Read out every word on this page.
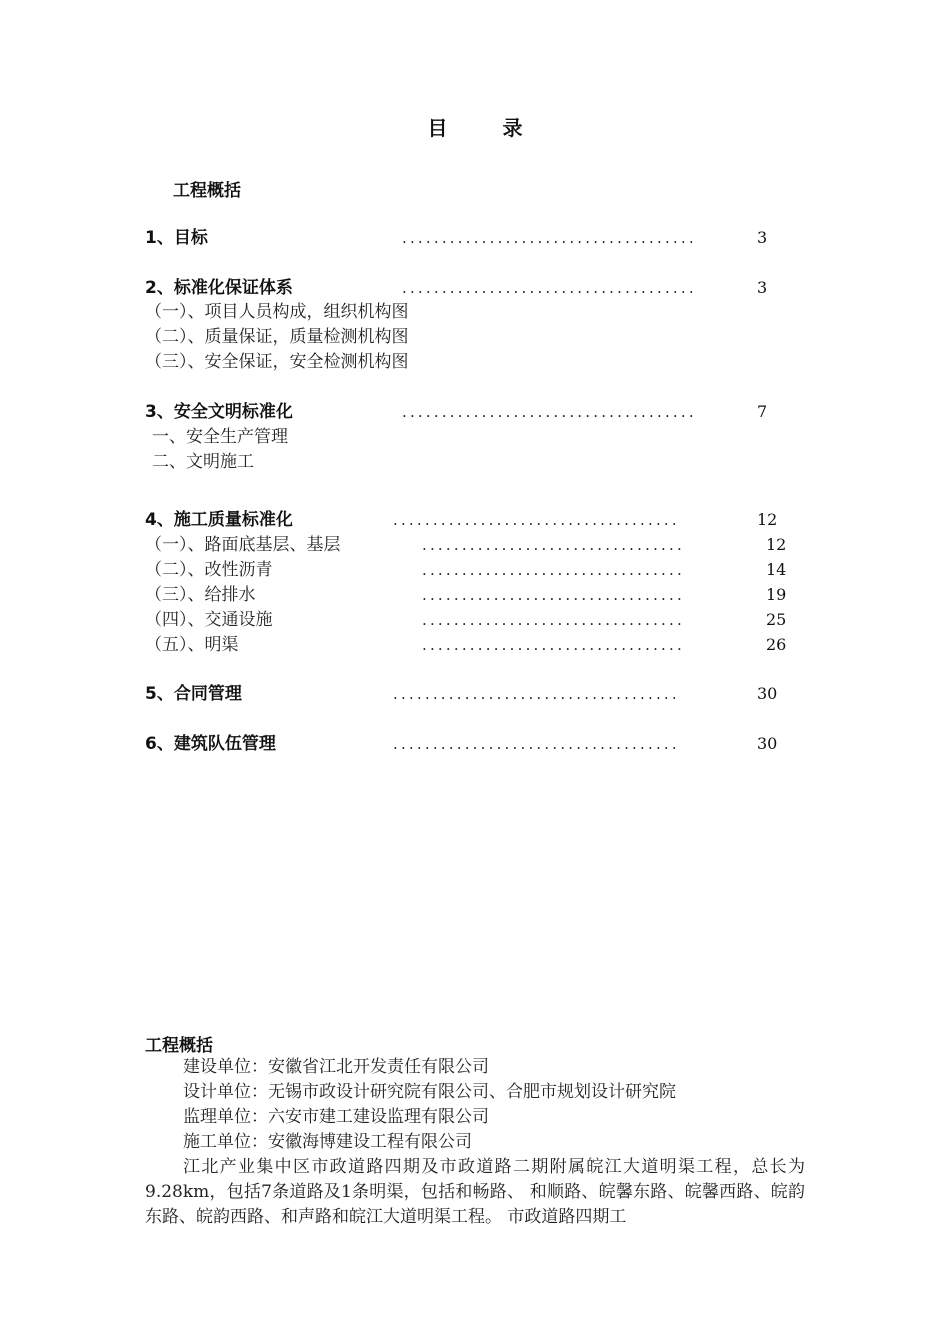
目 录
工程概括
1、目标	.....................................	3
2、标准化保证体系	.....................................	3
（一）、项目人员构成，组织机构图
（二）、质量保证，质量检测机构图
（三）、安全保证，安全检测机构图
3、安全文明标准化	.....................................	7
一、安全生产管理
二、文明施工
4、施工质量标准化	....................................	12
（一）、路面底基层、基层	.................................	12
（二）、改性沥青	.................................	14
（三）、给排水	.................................	19
（四）、交通设施	.................................	25
（五）、明渠	.................................	26
5、合同管理	....................................	30
6、建筑队伍管理	....................................	30
工程概括
建设单位：安徽省江北开发责任有限公司
设计单位：无锡市政设计研究院有限公司、合肥市规划设计研究院
监理单位：六安市建工建设监理有限公司
施工单位：安徽海博建设工程有限公司
江北产业集中区市政道路四期及市政道路二期附属皖江大道明渠工程，总长为9.28km，包括7条道路及1条明渠，包括和畅路、 和顺路、皖馨东路、皖馨西路、皖韵东路、皖韵西路、和声路和皖江大道明渠工程。 市政道路四期工
